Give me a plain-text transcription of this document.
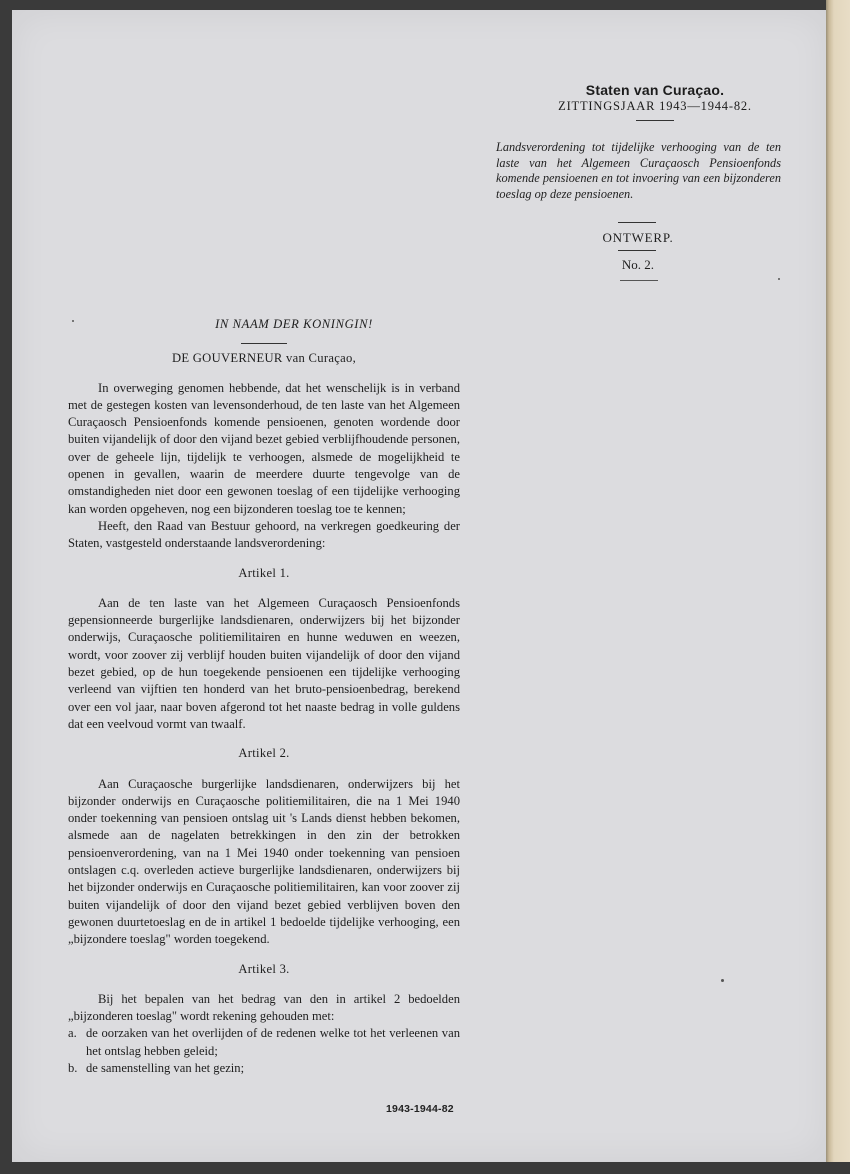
Staten van Curaçao.
ZITTINGSJAAR 1943—1944-82.
Landsverordening tot tijdelijke verhooging van de ten laste van het Algemeen Curaçaosch Pensioenfonds komende pensioenen en tot invoering van een bijzonderen toeslag op deze pensioenen.
ONTWERP.
No. 2.
IN NAAM DER KONINGIN!
DE GOUVERNEUR van Curaçao,

In overweging genomen hebbende, dat het wenschelijk is in verband met de gestegen kosten van levensonderhoud, de ten laste van het Algemeen Curaçaosch Pensioenfonds komende pensioenen, genoten wordende door buiten vijandelijk of door den vijand bezet gebied verblijfhoudende personen, over de geheele lijn, tijdelijk te verhoogen, alsmede de mogelijkheid te openen in gevallen, waarin de meerdere duurte tengevolge van de omstandigheden niet door een gewonen toeslag of een tijdelijke verhooging kan worden opgeheven, nog een bijzonderen toeslag toe te kennen;

Heeft, den Raad van Bestuur gehoord, na verkregen goedkeuring der Staten, vastgesteld onderstaande landsverordening:

Artikel 1.

Aan de ten laste van het Algemeen Curaçaosch Pensioenfonds gepensionneerde burgerlijke landsdienaren, onderwijzers bij het bijzonder onderwijs, Curaçaosche politiemilitairen en hunne weduwen en weezen, wordt, voor zoover zij verblijf houden buiten vijandelijk of door den vijand bezet gebied, op de hun toegekende pensioenen een tijdelijke verhooging verleend van vijftien ten honderd van het bruto-pensioenbedrag, berekend over een vol jaar, naar boven afgerond tot het naaste bedrag in volle guldens dat een veelvoud vormt van twaalf.

Artikel 2.

Aan Curaçaosche burgerlijke landsdienaren, onderwijzers bij het bijzonder onderwijs en Curaçaosche politiemilitairen, die na 1 Mei 1940 onder toekenning van pensioen ontslag uit 's Lands dienst hebben bekomen, alsmede aan de nagelaten betrekkingen in den zin der betrokken pensioenverordening, van na 1 Mei 1940 onder toekenning van pensioen ontslagen c.q. overleden actieve burgerlijke landsdienaren, onderwijzers bij het bijzonder onderwijs en Curaçaosche politiemilitairen, kan voor zoover zij buiten vijandelijk of door den vijand bezet gebied verblijven boven den gewonen duurtetoeslag en de in artikel 1 bedoelde tijdelijke verhooging, een „bijzondere toeslag" worden toegekend.

Artikel 3.

Bij het bepalen van het bedrag van den in artikel 2 bedoelden „bijzonderen toeslag" wordt rekening gehouden met:

a. de oorzaken van het overlijden of de redenen welke tot het verleenen van het ontslag hebben geleid;
b. de samenstelling van het gezin;
1943-1944-82
